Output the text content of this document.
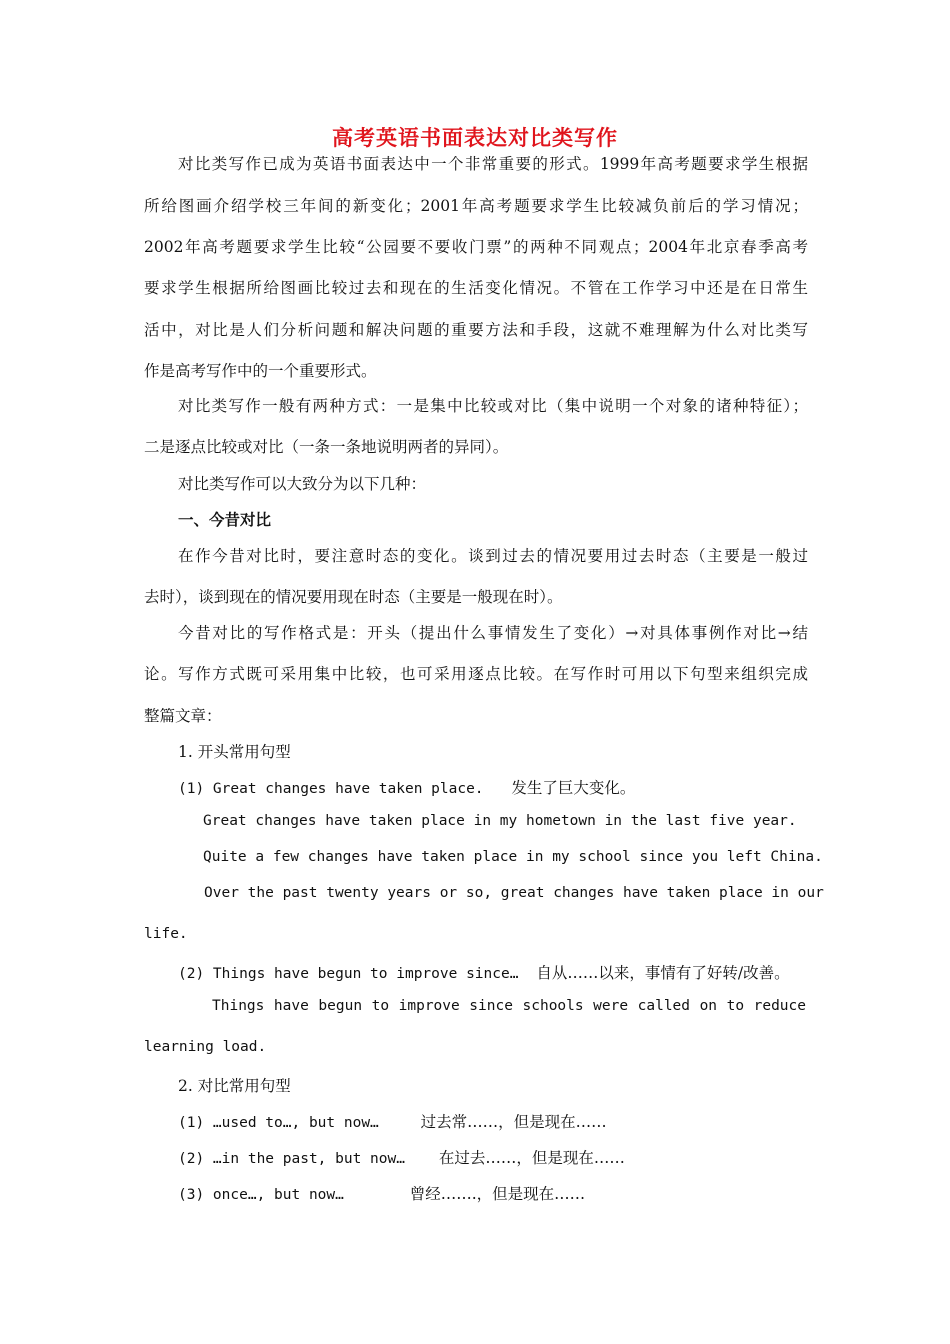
高考英语书面表达对比类写作
对比类写作已成为英语书面表达中一个非常重要的形式。1999年高考题要求学生根据
所给图画介绍学校三年间的新变化；2001年高考题要求学生比较减负前后的学习情况；
2002年高考题要求学生比较“公园要不要收门票”的两种不同观点；2004年北京春季高考
要求学生根据所给图画比较过去和现在的生活变化情况。不管在工作学习中还是在日常生
活中，对比是人们分析问题和解决问题的重要方法和手段，这就不难理解为什么对比类写
作是高考写作中的一个重要形式。
对比类写作一般有两种方式：一是集中比较或对比（集中说明一个对象的诸种特征）；
二是逐点比较或对比（一条一条地说明两者的异同）。
对比类写作可以大致分为以下几种：
一、今昔对比
在作今昔对比时，要注意时态的变化。谈到过去的情况要用过去时态（主要是一般过
去时），谈到现在的情况要用现在时态（主要是一般现在时）。
今昔对比的写作格式是：开头（提出什么事情发生了变化）→对具体事例作对比→结
论。写作方式既可采用集中比较，也可采用逐点比较。在写作时可用以下句型来组织完成
整篇文章：
1. 开头常用句型
(1) Great changes have taken place. 发生了巨大变化。
Great changes have taken place in my hometown in the last five year.
Quite a few changes have taken place in my school since you left China.
Over the past twenty years or so, great changes have taken place in our
life.
(2) Things have begun to improve since… 自从……以来，事情有了好转/改善。
Things have begun to improve since schools were called on to reduce
learning load.
2. 对比常用句型
(1) …used to…, but now…	过去常……，但是现在……
(2) …in the past, but now… 在过去……，但是现在……
(3) once…, but now…	曾经…….，但是现在……
